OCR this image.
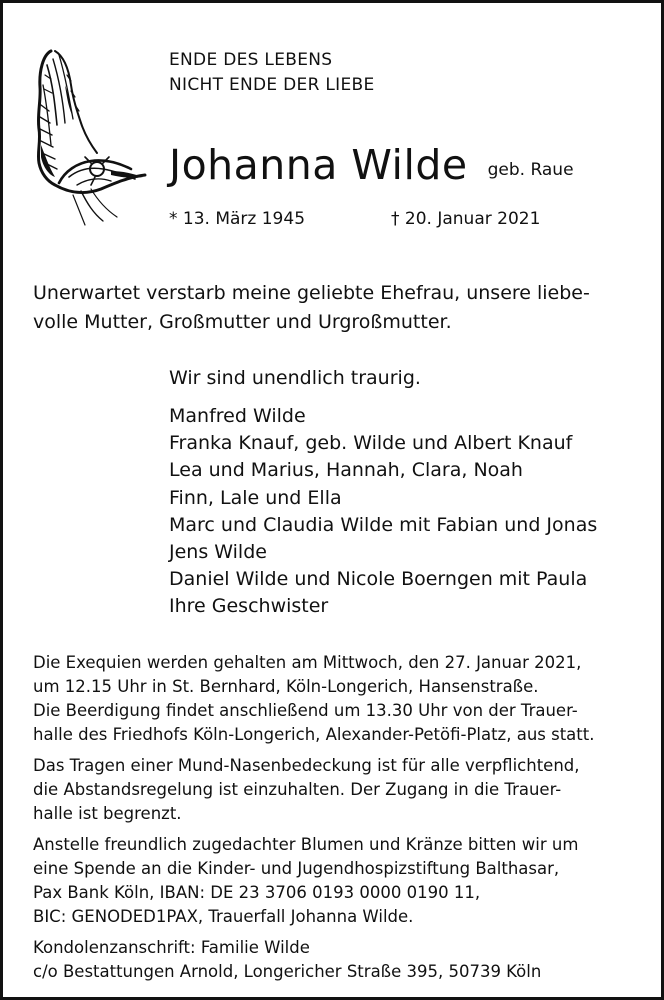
ENDE DES LEBENS
NICHT ENDE DER LIEBE
Johanna Wilde geb. Raue
* 13. März 1945	† 20. Januar 2021
Unerwartet verstarb meine geliebte Ehefrau, unsere liebe-
volle Mutter, Großmutter und Urgroßmutter.
Wir sind unendlich traurig.
Manfred Wilde
Franka Knauf, geb. Wilde und Albert Knauf
Lea und Marius, Hannah, Clara, Noah
Finn, Lale und Ella
Marc und Claudia Wilde mit Fabian und Jonas
Jens Wilde
Daniel Wilde und Nicole Boerngen mit Paula
Ihre Geschwister

Die Exequien werden gehalten am Mittwoch, den 27. Januar 2021,
um 12.15 Uhr in St. Bernhard, Köln-Longerich, Hansenstraße.
Die Beerdigung findet anschließend um 13.30 Uhr von der Trauer-
halle des Friedhofs Köln-Longerich, Alexander-Petöfi-Platz, aus statt.

Das Tragen einer Mund-Nasenbedeckung ist für alle verpflichtend,
die Abstandsregelung ist einzuhalten. Der Zugang in die Trauer-
halle ist begrenzt.

Anstelle freundlich zugedachter Blumen und Kränze bitten wir um
eine Spende an die Kinder- und Jugendhospizstiftung Balthasar,
Pax Bank Köln, IBAN: DE 23 3706 0193 0000 0190 11,
BIC: GENODED1PAX, Trauerfall Johanna Wilde.

Kondolenzanschrift: Familie Wilde
c/o Bestattungen Arnold, Longericher Straße 395, 50739 Köln
